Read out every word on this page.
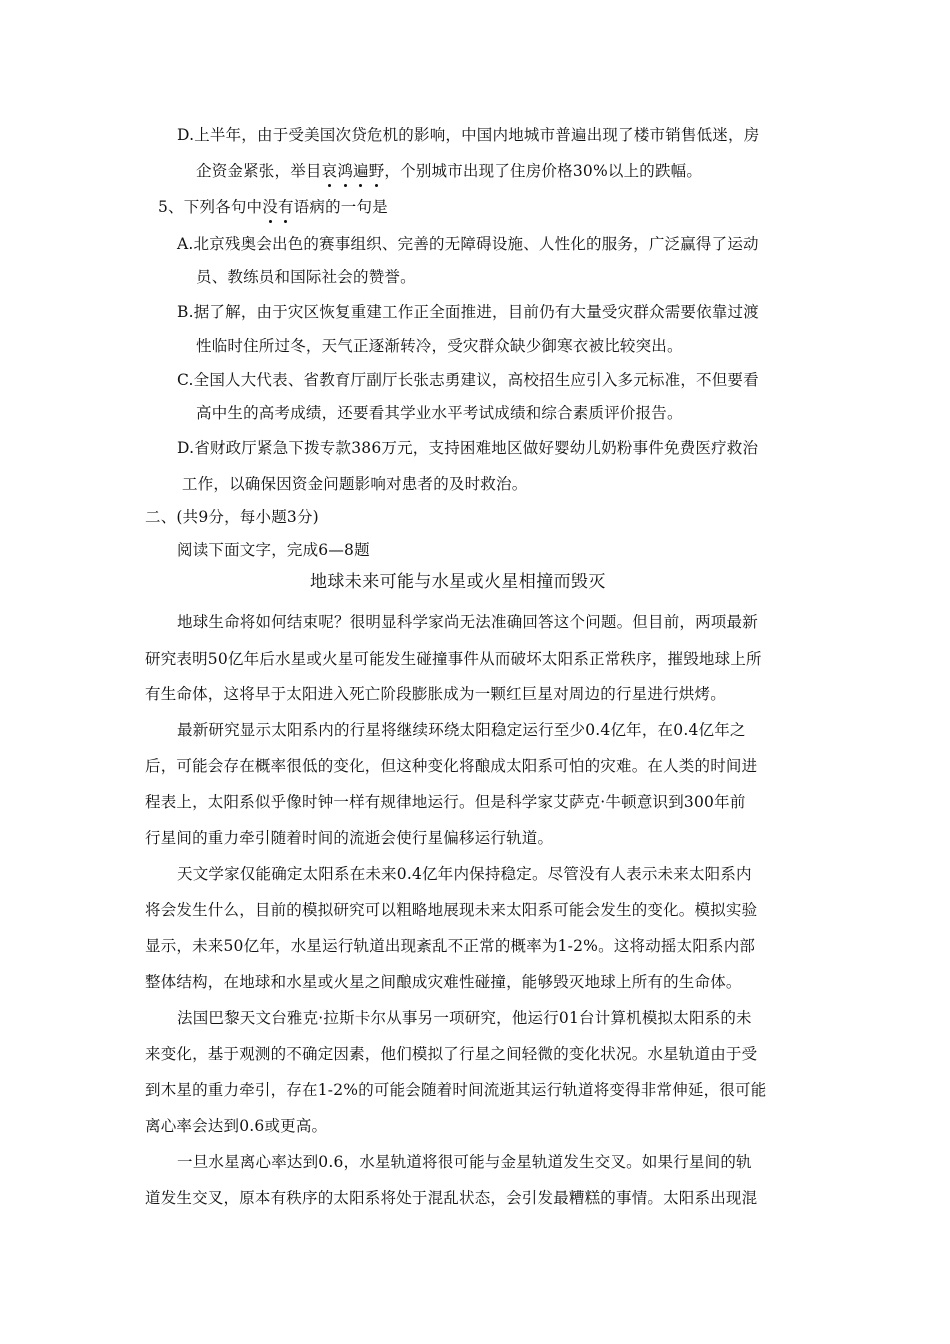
D.上半年，由于受美国次贷危机的影响，中国内地城市普遍出现了楼市销售低迷，房
企资金紧张，举目哀鸿遍野，个别城市出现了住房价格30%以上的跌幅。
5、下列各句中没有语病的一句是
A.北京残奥会出色的赛事组织、完善的无障碍设施、人性化的服务，广泛赢得了运动
员、教练员和国际社会的赞誉。
B.据了解，由于灾区恢复重建工作正全面推进，目前仍有大量受灾群众需要依靠过渡
性临时住所过冬，天气正逐渐转冷，受灾群众缺少御寒衣被比较突出。
C.全国人大代表、省教育厅副厅长张志勇建议，高校招生应引入多元标准，不但要看
高中生的高考成绩，还要看其学业水平考试成绩和综合素质评价报告。
D.省财政厅紧急下拨专款386万元，支持困难地区做好婴幼儿奶粉事件免费医疗救治
工作，以确保因资金问题影响对患者的及时救治。
二、(共9分，每小题3分)
阅读下面文字，完成6—8题
地球未来可能与水星或火星相撞而毁灭
地球生命将如何结束呢？很明显科学家尚无法准确回答这个问题。但目前，两项最新
研究表明50亿年后水星或火星可能发生碰撞事件从而破坏太阳系正常秩序，摧毁地球上所
有生命体，这将早于太阳进入死亡阶段膨胀成为一颗红巨星对周边的行星进行烘烤。
最新研究显示太阳系内的行星将继续环绕太阳稳定运行至少0.4亿年，在0.4亿年之
后，可能会存在概率很低的变化，但这种变化将酿成太阳系可怕的灾难。在人类的时间进
程表上，太阳系似乎像时钟一样有规律地运行。但是科学家艾萨克·牛顿意识到300年前
行星间的重力牵引随着时间的流逝会使行星偏移运行轨道。
天文学家仅能确定太阳系在未来0.4亿年内保持稳定。尽管没有人表示未来太阳系内
将会发生什么，目前的模拟研究可以粗略地展现未来太阳系可能会发生的变化。模拟实验
显示，未来50亿年，水星运行轨道出现紊乱不正常的概率为1-2%。这将动摇太阳系内部
整体结构，在地球和水星或火星之间酿成灾难性碰撞，能够毁灭地球上所有的生命体。
法国巴黎天文台雅克·拉斯卡尔从事另一项研究，他运行01台计算机模拟太阳系的未
来变化，基于观测的不确定因素，他们模拟了行星之间轻微的变化状况。水星轨道由于受
到木星的重力牵引，存在1-2%的可能会随着时间流逝其运行轨道将变得非常伸延，很可能
离心率会达到0.6或更高。
一旦水星离心率达到0.6，水星轨道将很可能与金星轨道发生交叉。如果行星间的轨
道发生交叉，原本有秩序的太阳系将处于混乱状态，会引发最糟糕的事情。太阳系出现混
